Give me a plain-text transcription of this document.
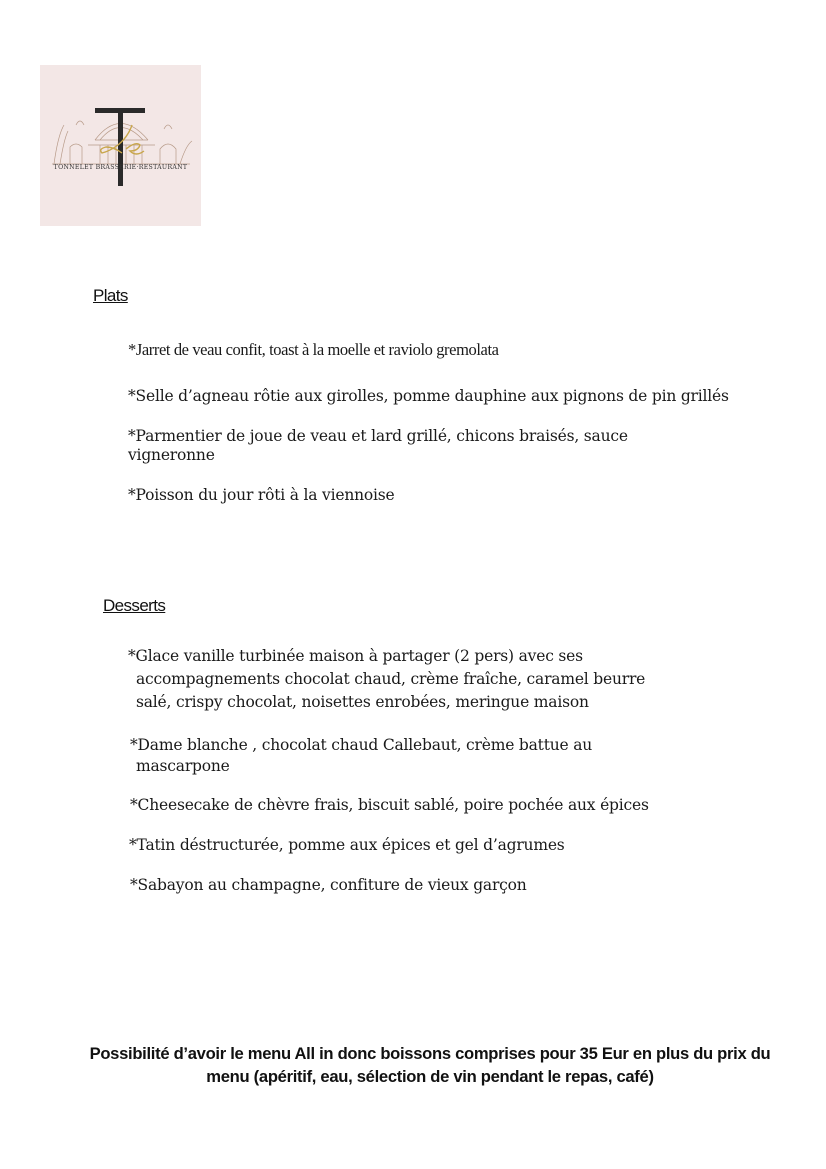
TONNELET BRASSERIE·RESTAURANT
Plats
*Jarret de veau confit, toast à la moelle et raviolo gremolata
*Selle d’agneau rôtie aux girolles, pomme dauphine aux pignons de pin grillés
*Parmentier de joue de veau et lard grillé, chicons braisés, sauce
vigneronne
*Poisson du jour rôti à la viennoise
Desserts
*Glace vanille turbinée maison à partager (2 pers) avec ses
accompagnements chocolat chaud, crème fraîche, caramel beurre
salé, crispy chocolat, noisettes enrobées, meringue maison
*Dame blanche , chocolat chaud Callebaut, crème battue au
mascarpone
*Cheesecake de chèvre frais, biscuit sablé, poire pochée aux épices
*Tatin déstructurée, pomme aux épices et gel d’agrumes
*Sabayon au champagne, confiture de vieux garçon
Possibilité d’avoir le menu All in donc boissons comprises pour 35 Eur en plus du prix du
menu (apéritif, eau, sélection de vin pendant le repas, café)
